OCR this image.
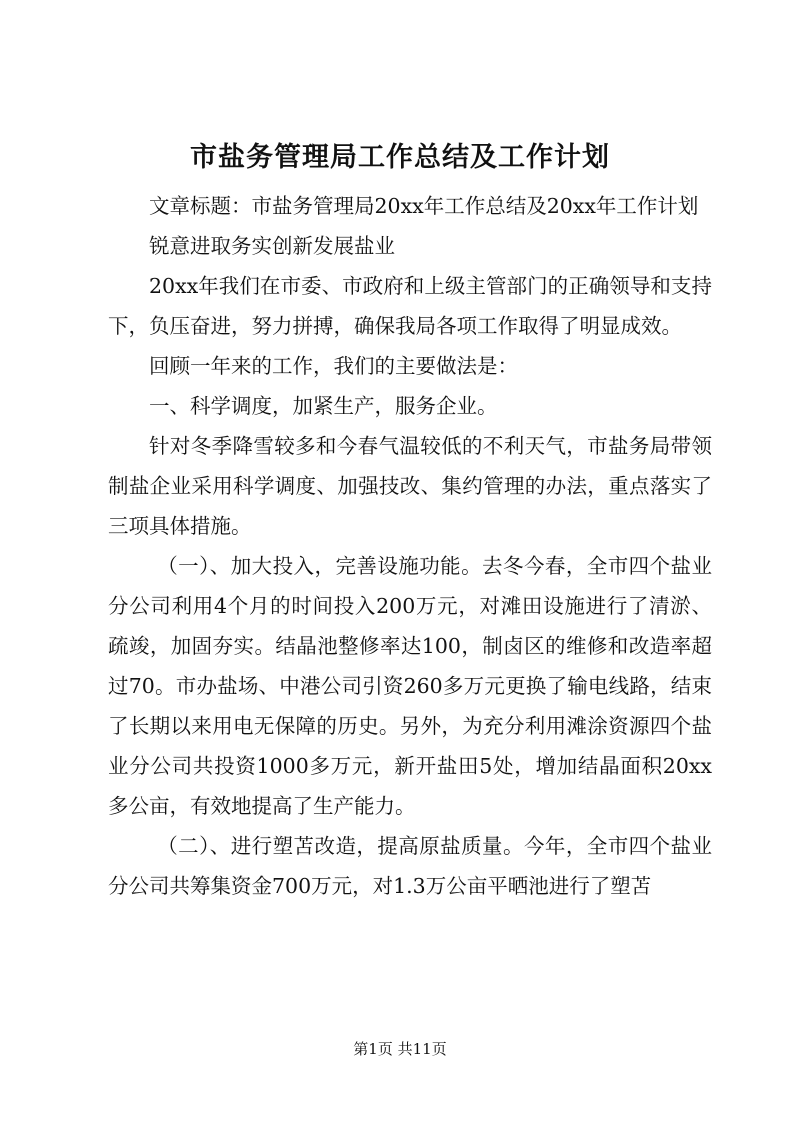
市盐务管理局工作总结及工作计划

文章标题：市盐务管理局20xx年工作总结及20xx年工作计划

锐意进取务实创新发展盐业

20xx年我们在市委、市政府和上级主管部门的正确领导和支持下，负压奋进，努力拼搏，确保我局各项工作取得了明显成效。

回顾一年来的工作，我们的主要做法是：

一、科学调度，加紧生产，服务企业。

针对冬季降雪较多和今春气温较低的不利天气，市盐务局带领制盐企业采用科学调度、加强技改、集约管理的办法，重点落实了三项具体措施。

（一）、加大投入，完善设施功能。去冬今春，全市四个盐业分公司利用4个月的时间投入200万元，对滩田设施进行了清淤、疏竣，加固夯实。结晶池整修率达100，制卤区的维修和改造率超过70。市办盐场、中港公司引资260多万元更换了输电线路，结束了长期以来用电无保障的历史。另外，为充分利用滩涂资源四个盐业分公司共投资1000多万元，新开盐田5处，增加结晶面积20xx多公亩，有效地提高了生产能力。

（二）、进行塑苫改造，提高原盐质量。今年，全市四个盐业分公司共筹集资金700万元，对1.3万公亩平晒池进行了塑苫

第1页 共11页
